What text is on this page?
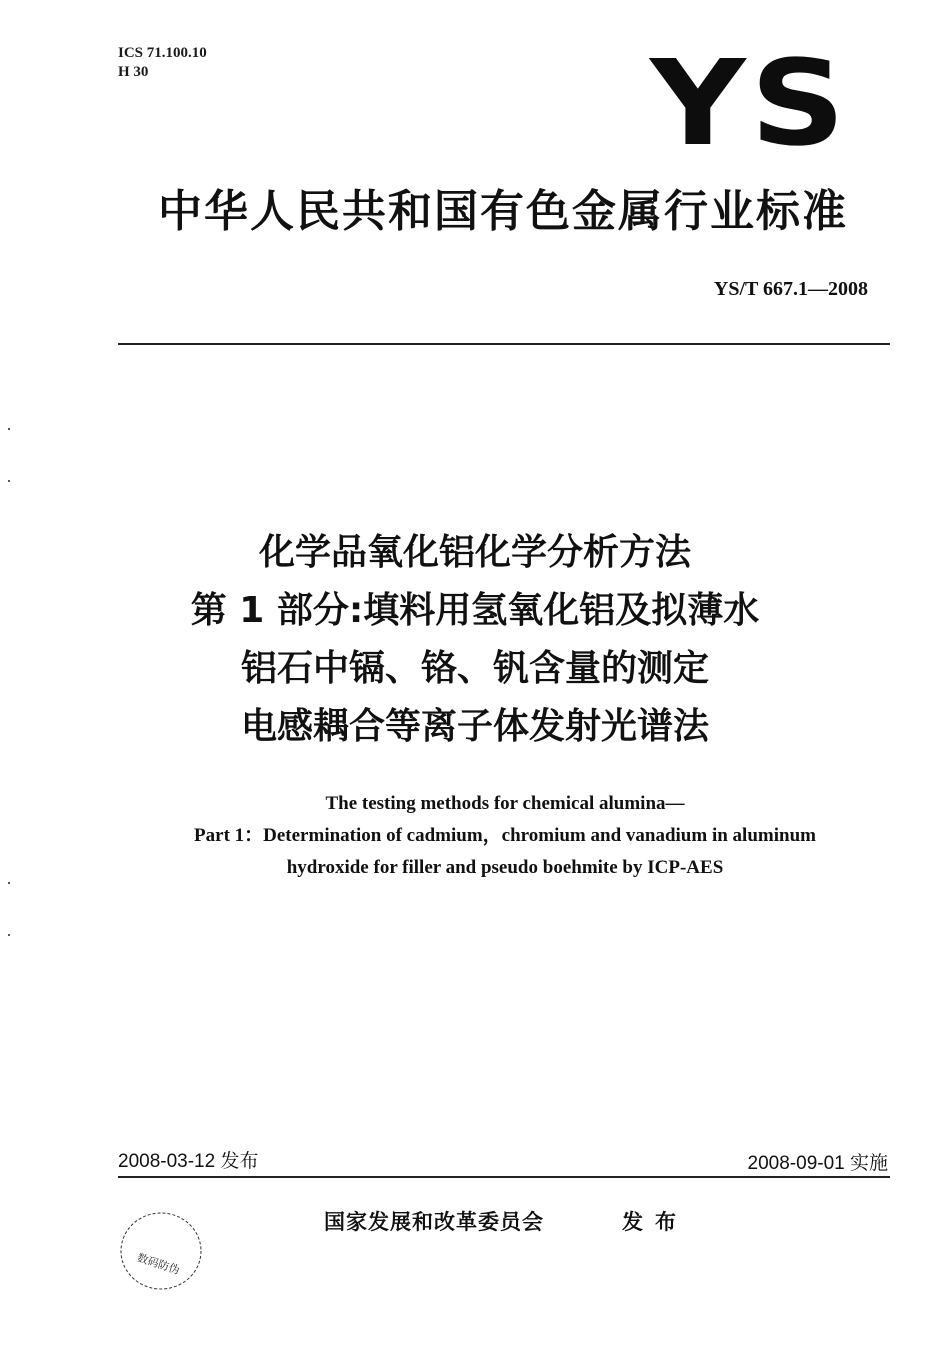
ICS 71.100.10
H 30	YS
中华人民共和国有色金属行业标准
YS/T 667.1—2008
化学品氧化铝化学分析方法
第 1 部分:填料用氢氧化铝及拟薄水
铝石中镉、铬、钒含量的测定
电感耦合等离子体发射光谱法
The testing methods for chemical alumina—
Part 1：Determination of cadmium，chromium and vanadium in aluminum
hydroxide for filler and pseudo boehmite by ICP-AES
2008-03-12 发布	2008-09-01 实施
国家发展和改革委员会	发布
数码防伪
